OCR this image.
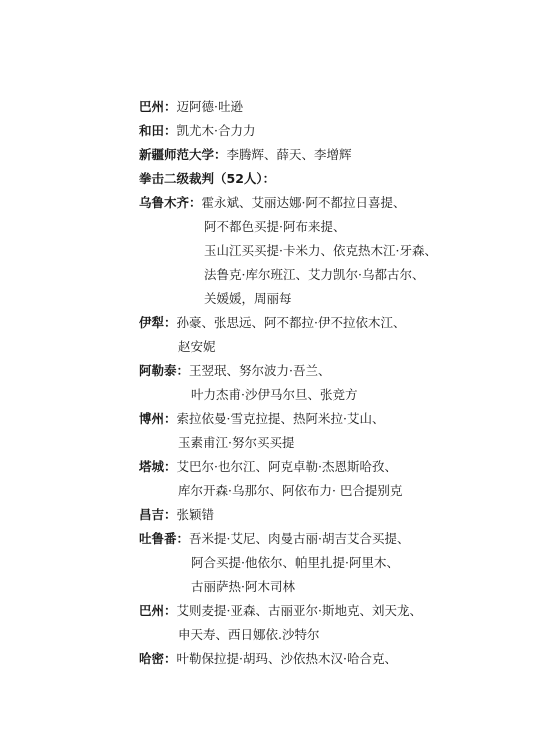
巴州：迈阿德·吐逊
和田：凯尤木·合力力
新疆师范大学：李腾辉、薛天、李增辉
拳击二级裁判（52人）：
乌鲁木齐：霍永斌、艾丽达娜·阿不都拉日喜提、
阿不都色买提·阿布来提、
玉山江买买提·卡米力、依克热木江·牙森、
法鲁克·库尔班江、艾力凯尔·乌都古尔、
关媛媛，周丽每
伊犁：孙豪、张思远、阿不都拉·伊不拉依木江、
赵安妮
阿勒泰：王翌珉、努尔波力·吾兰、
叶力杰甫·沙伊马尔旦、张竞方
博州：索拉依曼·雪克拉提、热阿米拉·艾山、
玉素甫江·努尔买买提
塔城：艾巴尔·也尔江、阿克卓勒·杰恩斯哈孜、
库尔开森·乌那尔、阿依布力· 巴合提别克
昌吉：张颖错
吐鲁番：吾米提·艾尼、肉曼古丽·胡吉艾合买提、
阿合买提·他依尔、帕里扎提·阿里木、
古丽萨热·阿木司林
巴州：艾则麦提·亚森、古丽亚尔·斯地克、刘天龙、
申天寿、西日娜依.沙特尔
哈密：叶勒保拉提·胡玛、沙依热木汉·哈合克、
